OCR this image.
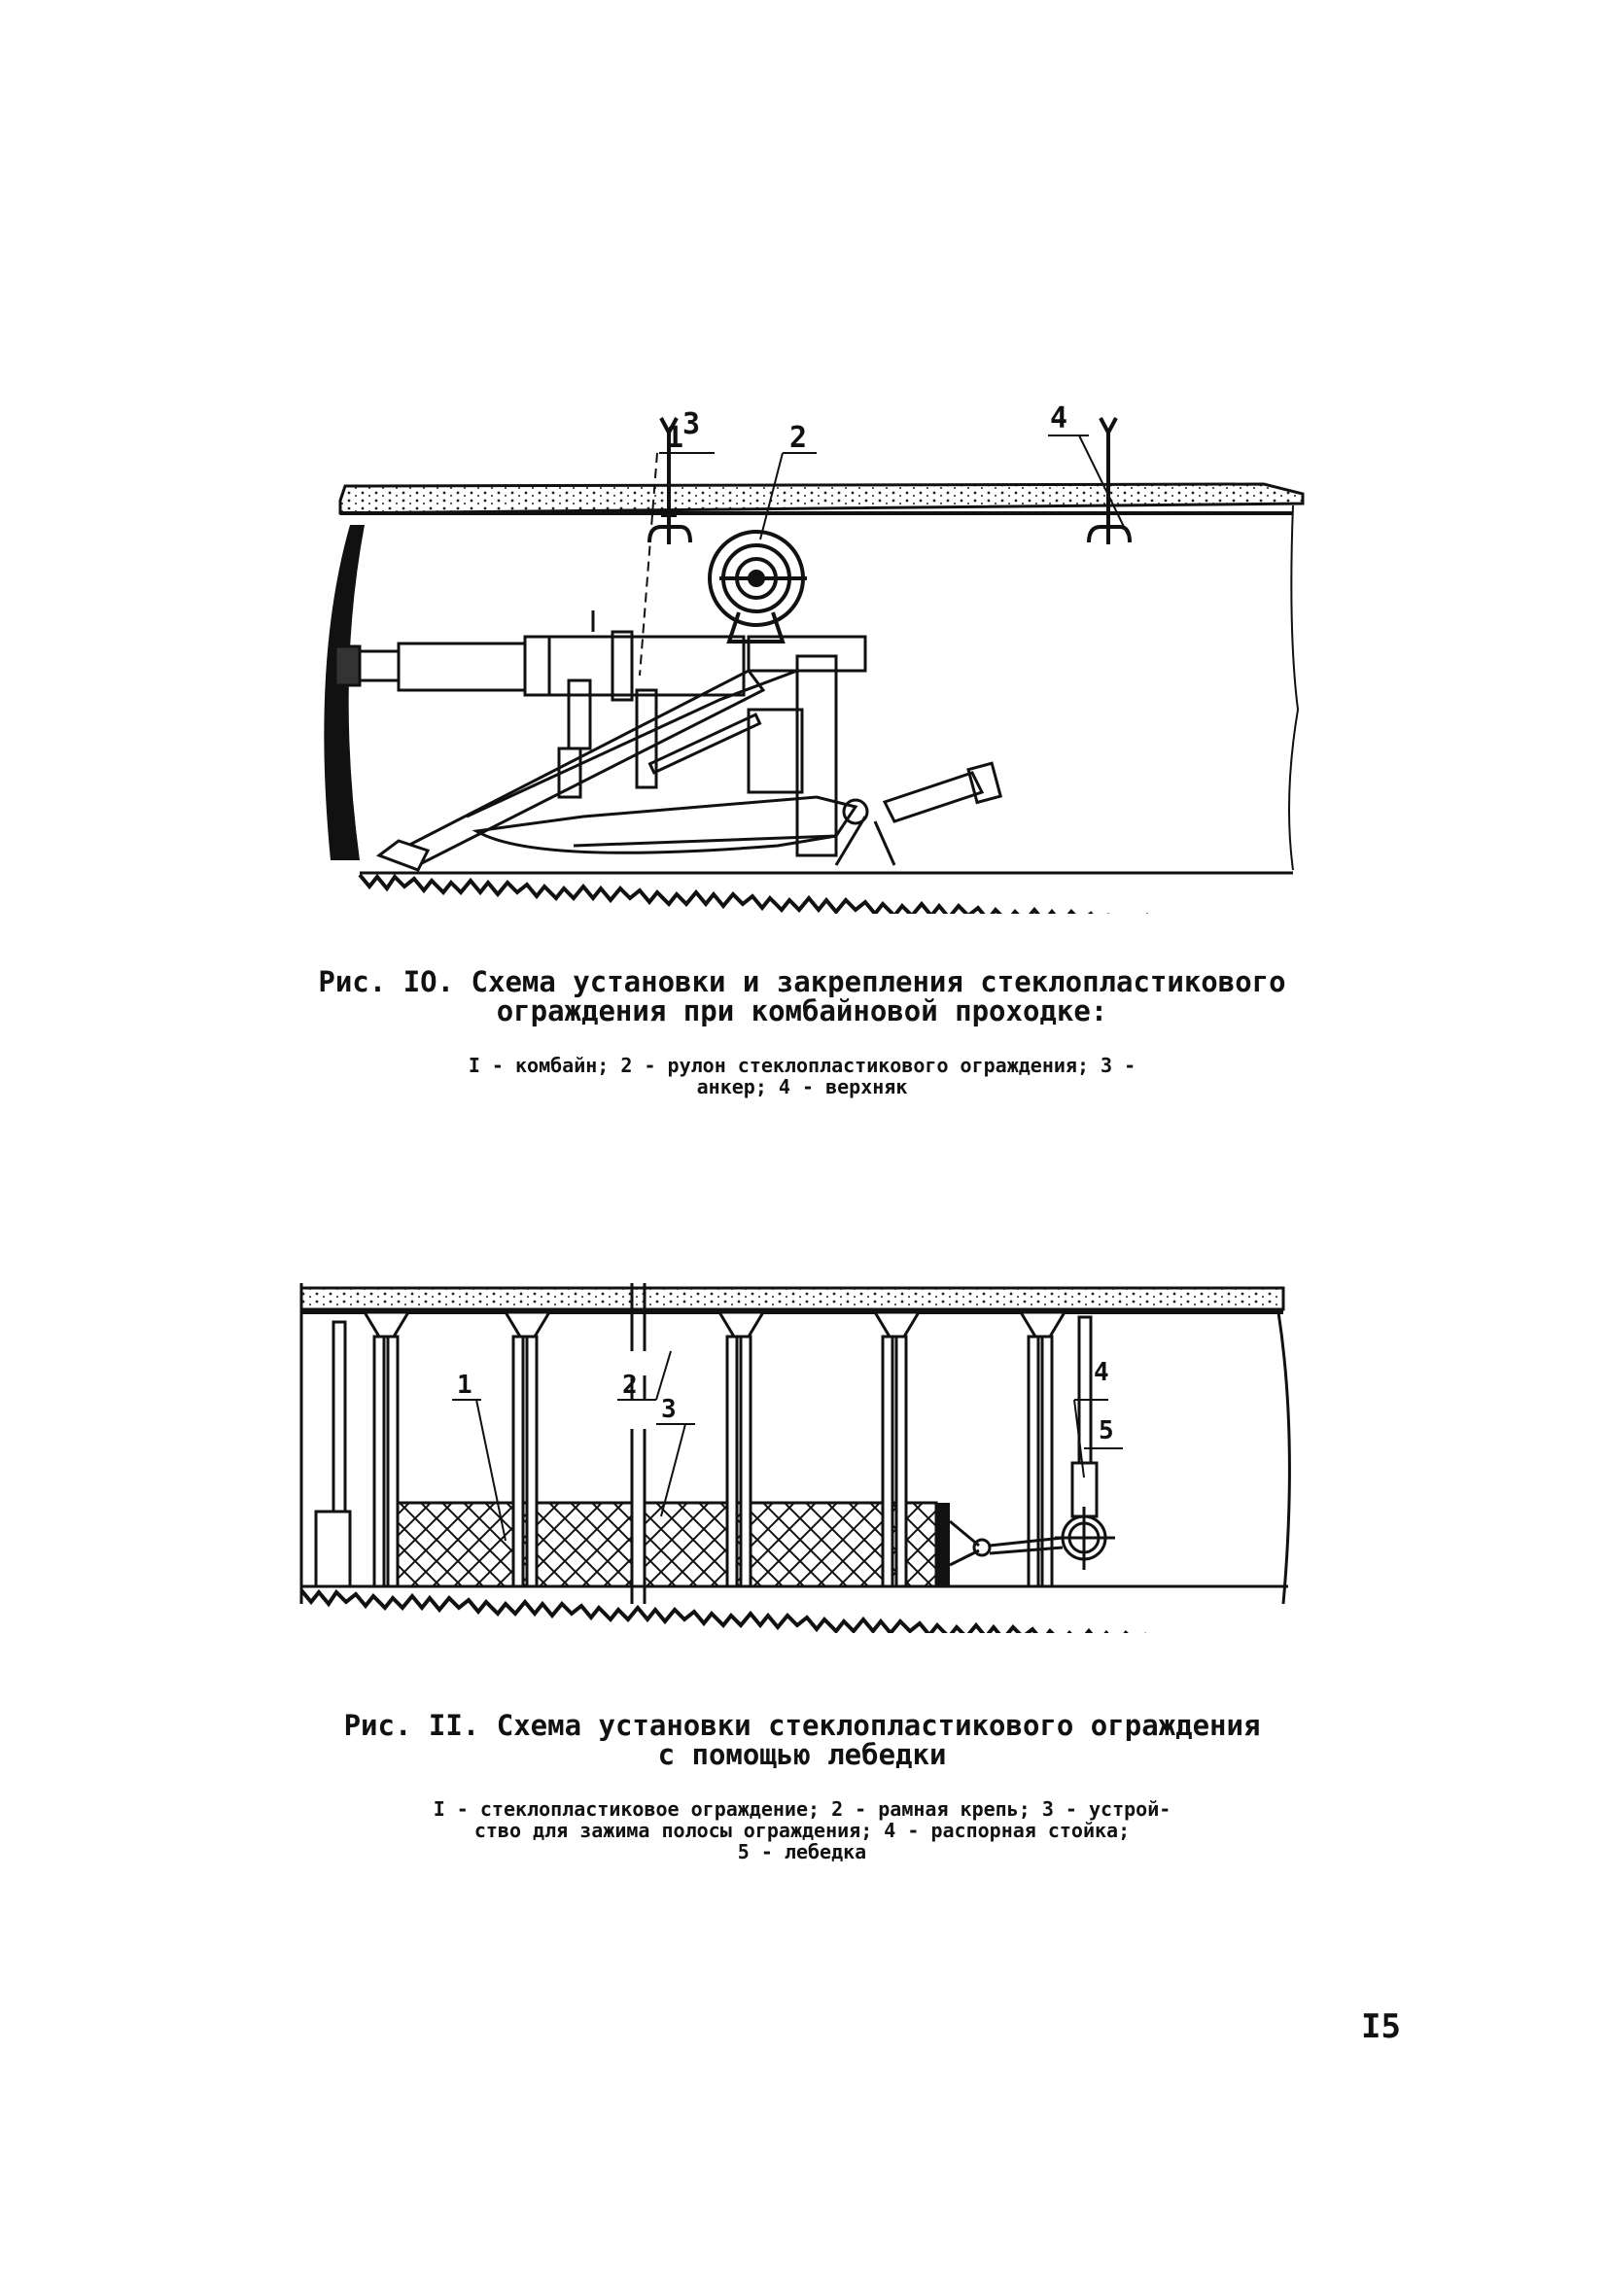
1	2
3	4
Рис. IO. Схема установки и закрепления стеклопластикового
ограждения при комбайновой проходке:
I - комбайн; 2 - рулон стеклопластикового ограждения; 3 -
анкер; 4 - верхняк
1	2
3
4
5
Рис. II. Схема установки стеклопластикового ограждения
с помощью лебедки
I - стеклопластиковое ограждение; 2 - рамная крепь; 3 - устрой-
ство для зажима полосы ограждения; 4 - распорная стойка;
5 - лебедка
I5
